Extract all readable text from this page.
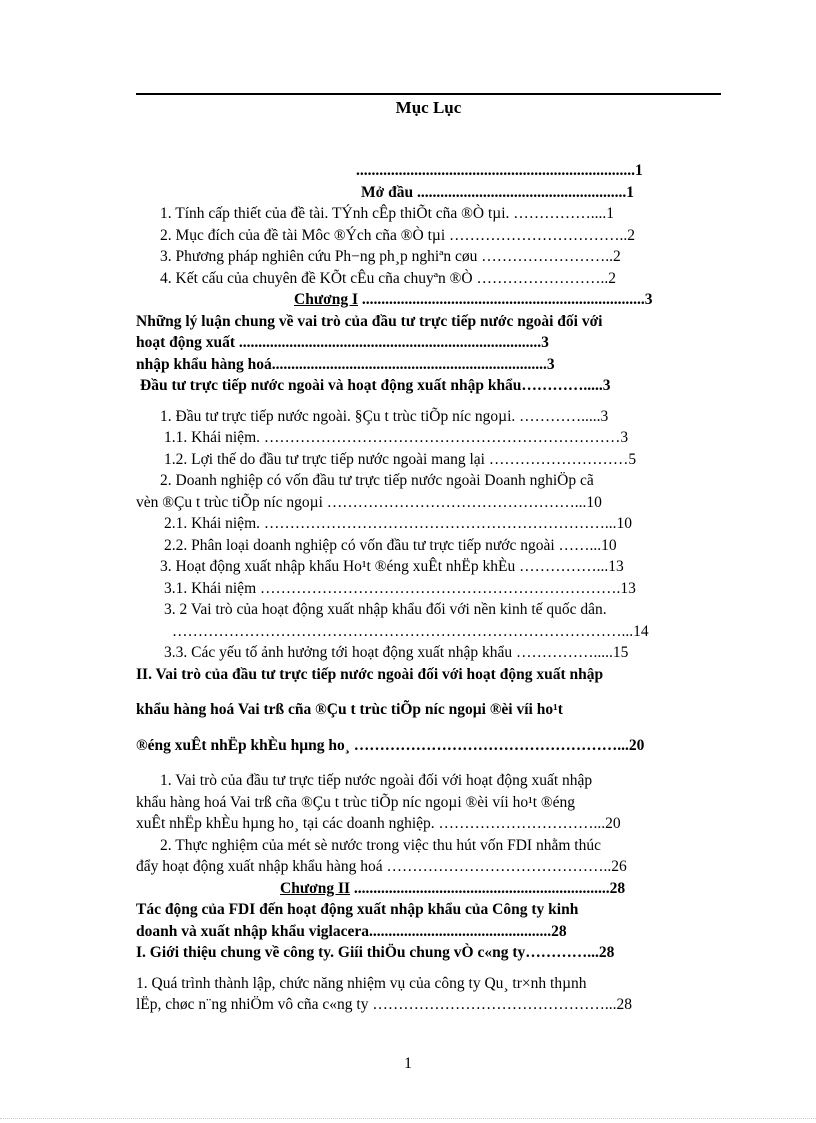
Mục Lục
........................................................................1
Mở đầu ......................................................1
1. Tính cấp thiết của đề tài. TÝnh cÊp thiÕt cña ®Ò tµi. ……………....1
2. Mục đích của đề tài Môc ®Ých cña ®Ò tµi ……………………………..2
3. Phương pháp nghiên cứu Ph−ng ph¸p nghiªn cøu ……………………..2
4. Kết cấu của chuyên đề KÕt cÊu cña chuyªn ®Ò ……………………..2
Chương I .........................................................................3
Những lý luận chung về vai trò của đầu tư trực tiếp nước ngoài đối với
hoạt động xuất ..............................................................................3
nhập khẩu hàng hoá.......................................................................3
Đầu tư trực tiếp nước ngoài và hoạt động xuất nhập khẩu………….....3
1. Đầu tư trực tiếp nước ngoài. §Çu t trùc tiÕp níc ngoµi. ………….....3
1.1. Khái niệm. ……………………………………………………………3
1.2. Lợi thế do đầu tư trực tiếp nước ngoài mang lại ………………………5
2. Doanh nghiệp có vốn đầu tư trực tiếp nước ngoài Doanh nghiÖp cã
vèn ®Çu t trùc tiÕp níc ngoµi …………………………………………...10
2.1. Khái niệm. …………………………………………………………...10
2.2. Phân loại doanh nghiệp có vốn đầu tư trực tiếp nước ngoài ……...10
3. Hoạt động xuất nhập khẩu Ho¹t ®éng xuÊt nhËp khÈu ……………...13
3.1. Khái niệm …………………………………………………………….13
3. 2 Vai trò của hoạt động xuất nhập khẩu đối với nền kinh tế quốc dân.
……………………………………………………………………………...14
3.3. Các yếu tố ảnh hưởng tới hoạt động xuất nhập khẩu …………….....15
II. Vai trò của đầu tư trực tiếp nước ngoài đối với hoạt động xuất nhập
khẩu hàng hoá Vai trß cña ®Çu t trùc tiÕp níc ngoµi ®èi víi ho¹t
®éng xuÊt nhËp khÈu hµng ho¸ ……………………………………………...20
1. Vai trò của đầu tư trực tiếp nước ngoài đối với hoạt động xuất nhập
khẩu hàng hoá Vai trß cña ®Çu t trùc tiÕp níc ngoµi ®èi víi ho¹t ®éng
xuÊt nhËp khÈu hµng ho¸ tại các doanh nghiệp. …………………………...20
2. Thực nghiệm của mét sè nước trong việc thu hút vốn FDI nhằm thúc
đẩy hoạt động xuất nhập khẩu hàng hoá ……………………………………..26
Chương II ..................................................................28
Tác động của FDI đến hoạt động xuất nhập khẩu của Công ty kinh
doanh và xuất nhập khẩu viglacera...............................................28
I. Giới thiệu chung về công ty. Giíi thiÖu chung vÒ c«ng ty…………...28
1. Quá trình thành lập, chức năng nhiệm vụ của công ty Qu¸ tr×nh thµnh
lËp, chøc n¨ng nhiÖm vô cña c«ng ty ………………………………………...28
1
